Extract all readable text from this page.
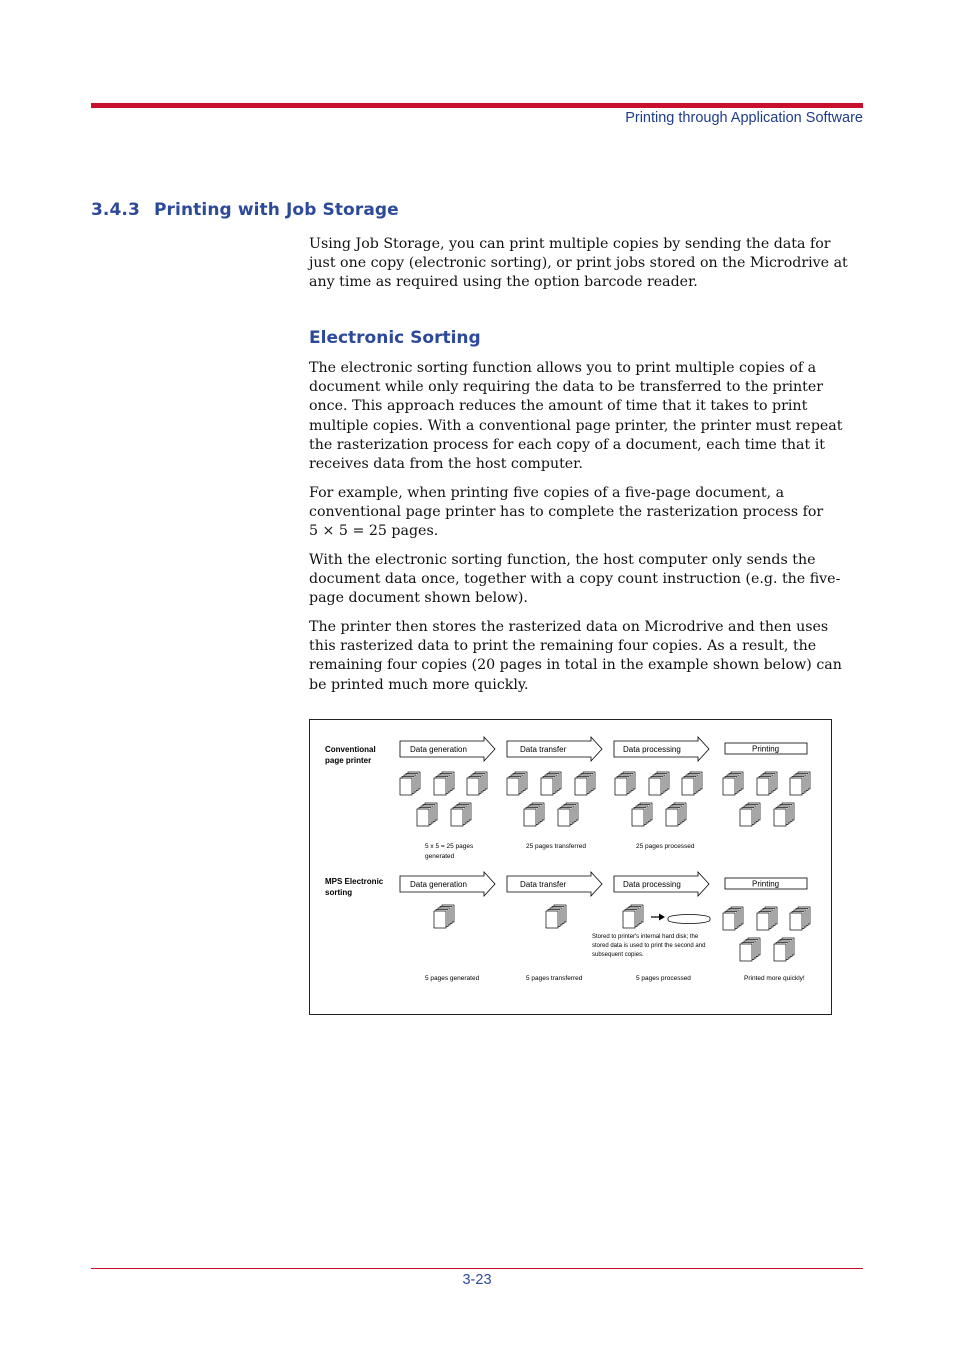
Printing through Application Software
3.4.3 Printing with Job Storage
Using Job Storage, you can print multiple copies by sending the data for
just one copy (electronic sorting), or print jobs stored on the Microdrive at
any time as required using the option barcode reader.
Electronic Sorting
The electronic sorting function allows you to print multiple copies of a
document while only requiring the data to be transferred to the printer
once. This approach reduces the amount of time that it takes to print
multiple copies. With a conventional page printer, the printer must repeat
the rasterization process for each copy of a document, each time that it
receives data from the host computer.
For example, when printing five copies of a five-page document, a
conventional page printer has to complete the rasterization process for
5 × 5 = 25 pages.
With the electronic sorting function, the host computer only sends the
document data once, together with a copy count instruction (e.g. the five-
page document shown below).
The printer then stores the rasterized data on Microdrive and then uses
this rasterized data to print the remaining four copies. As a result, the
remaining four copies (20 pages in total in the example shown below) can
be printed much more quickly.
Conventional
page printer
Data generation	Data transfer	Data processing	Printing
5 x 5 = 25 pages
generated
25 pages transferred	25 pages processed
MPS Electronic
sorting
Data generation	Data transfer	Data processing	Printing
Stored to printer's internal hard disk; the
stored data is used to print the second and
subsequent copies.
5 pages generated	5 pages transferred	5 pages processed	Printed more quickly!
3-23
